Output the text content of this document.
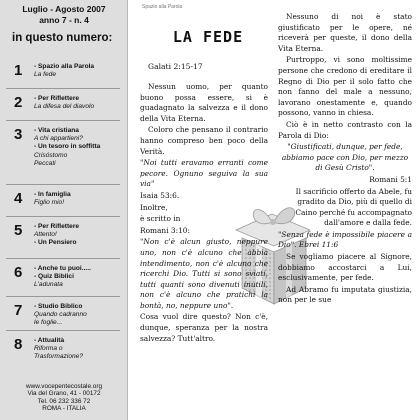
Luglio - Agosto 2007
anno 7 - n. 4
in questo numero:
1 - Spazio alla Parola
La fede
2 - Per Riflettere
La difesa del diavolo
3 - Vita cristiana
A chi appartieni?
- Un tesoro in soffitta
Crisóstomo
Peccati
4 - In famiglia
Figlio mio!
5 - Per Riflettere
Attento!
- Un Pensiero
6 - Anche tu puoi.....
- Quiz Biblici
L'adunata
7 - Studio Biblico
Quando cadranno
le foglie...
8 - Attualità
Riforma o
Trasformazione?
www.vocepentecostale.org
Via del Grano, 41 - 00172
Tel. 06 232 336 72
ROMA - ITALIA
Spazio alla Parola
LA FEDE
Galati 2:15-17

Nessun uomo, per quanto buono possa essere, si è guadagnato la salvezza e il dono della Vita Eterna.

Coloro che pensano il contrario hanno compreso ben poco della Verità.

"Noi tutti eravamo erranti come pecore. Ognuno seguiva la sua via"

Isaia 53:6.

Inoltre,

è scritto in

Romani 3:10:

"Non c'è alcun giusto, neppure uno, non c'è alcuno che abbia intendimento, non c'è alcuno che ricerchi Dio. Tutti si sono sviati, tutti quanti sono divenuti inutili, non c'è alcuno che pratichi la bontà, no, neppure uno".

Cosa vuol dire questo? Non c'è, dunque, speranza per la nostra salvezza? Tutt'altro.

Nessuno di noi è stato giustificato per le opere, né riceverà per queste, il dono della Vita Eterna.

Purtroppo, vi sono moltissime persone che credono di ereditare il Regno di Dio per il solo fatto che non fanno del male a nessuno, lavorano onestamente e, quando possono, vanno in chiesa.

Ciò è in netto contrasto con la Parola di Dio:

"Giustificati, dunque, per fede, abbiamo pace con Dio, per mezzo di Gesù Cristo".

Romani 5:1

Il sacrificio offerto da Abele, fu gradito da Dio, più di quello di Caino perché fu accompagnato dall'amore e dalla fede.

"Senza fede è impossibile piacere a Dio". Ebrei 11:6

Se vogliamo piacere al Signore, dobbiamo accostarci a Lui, esclusivamente, per fede.

Ad Abramo fu imputata giustizia, non per le sue
